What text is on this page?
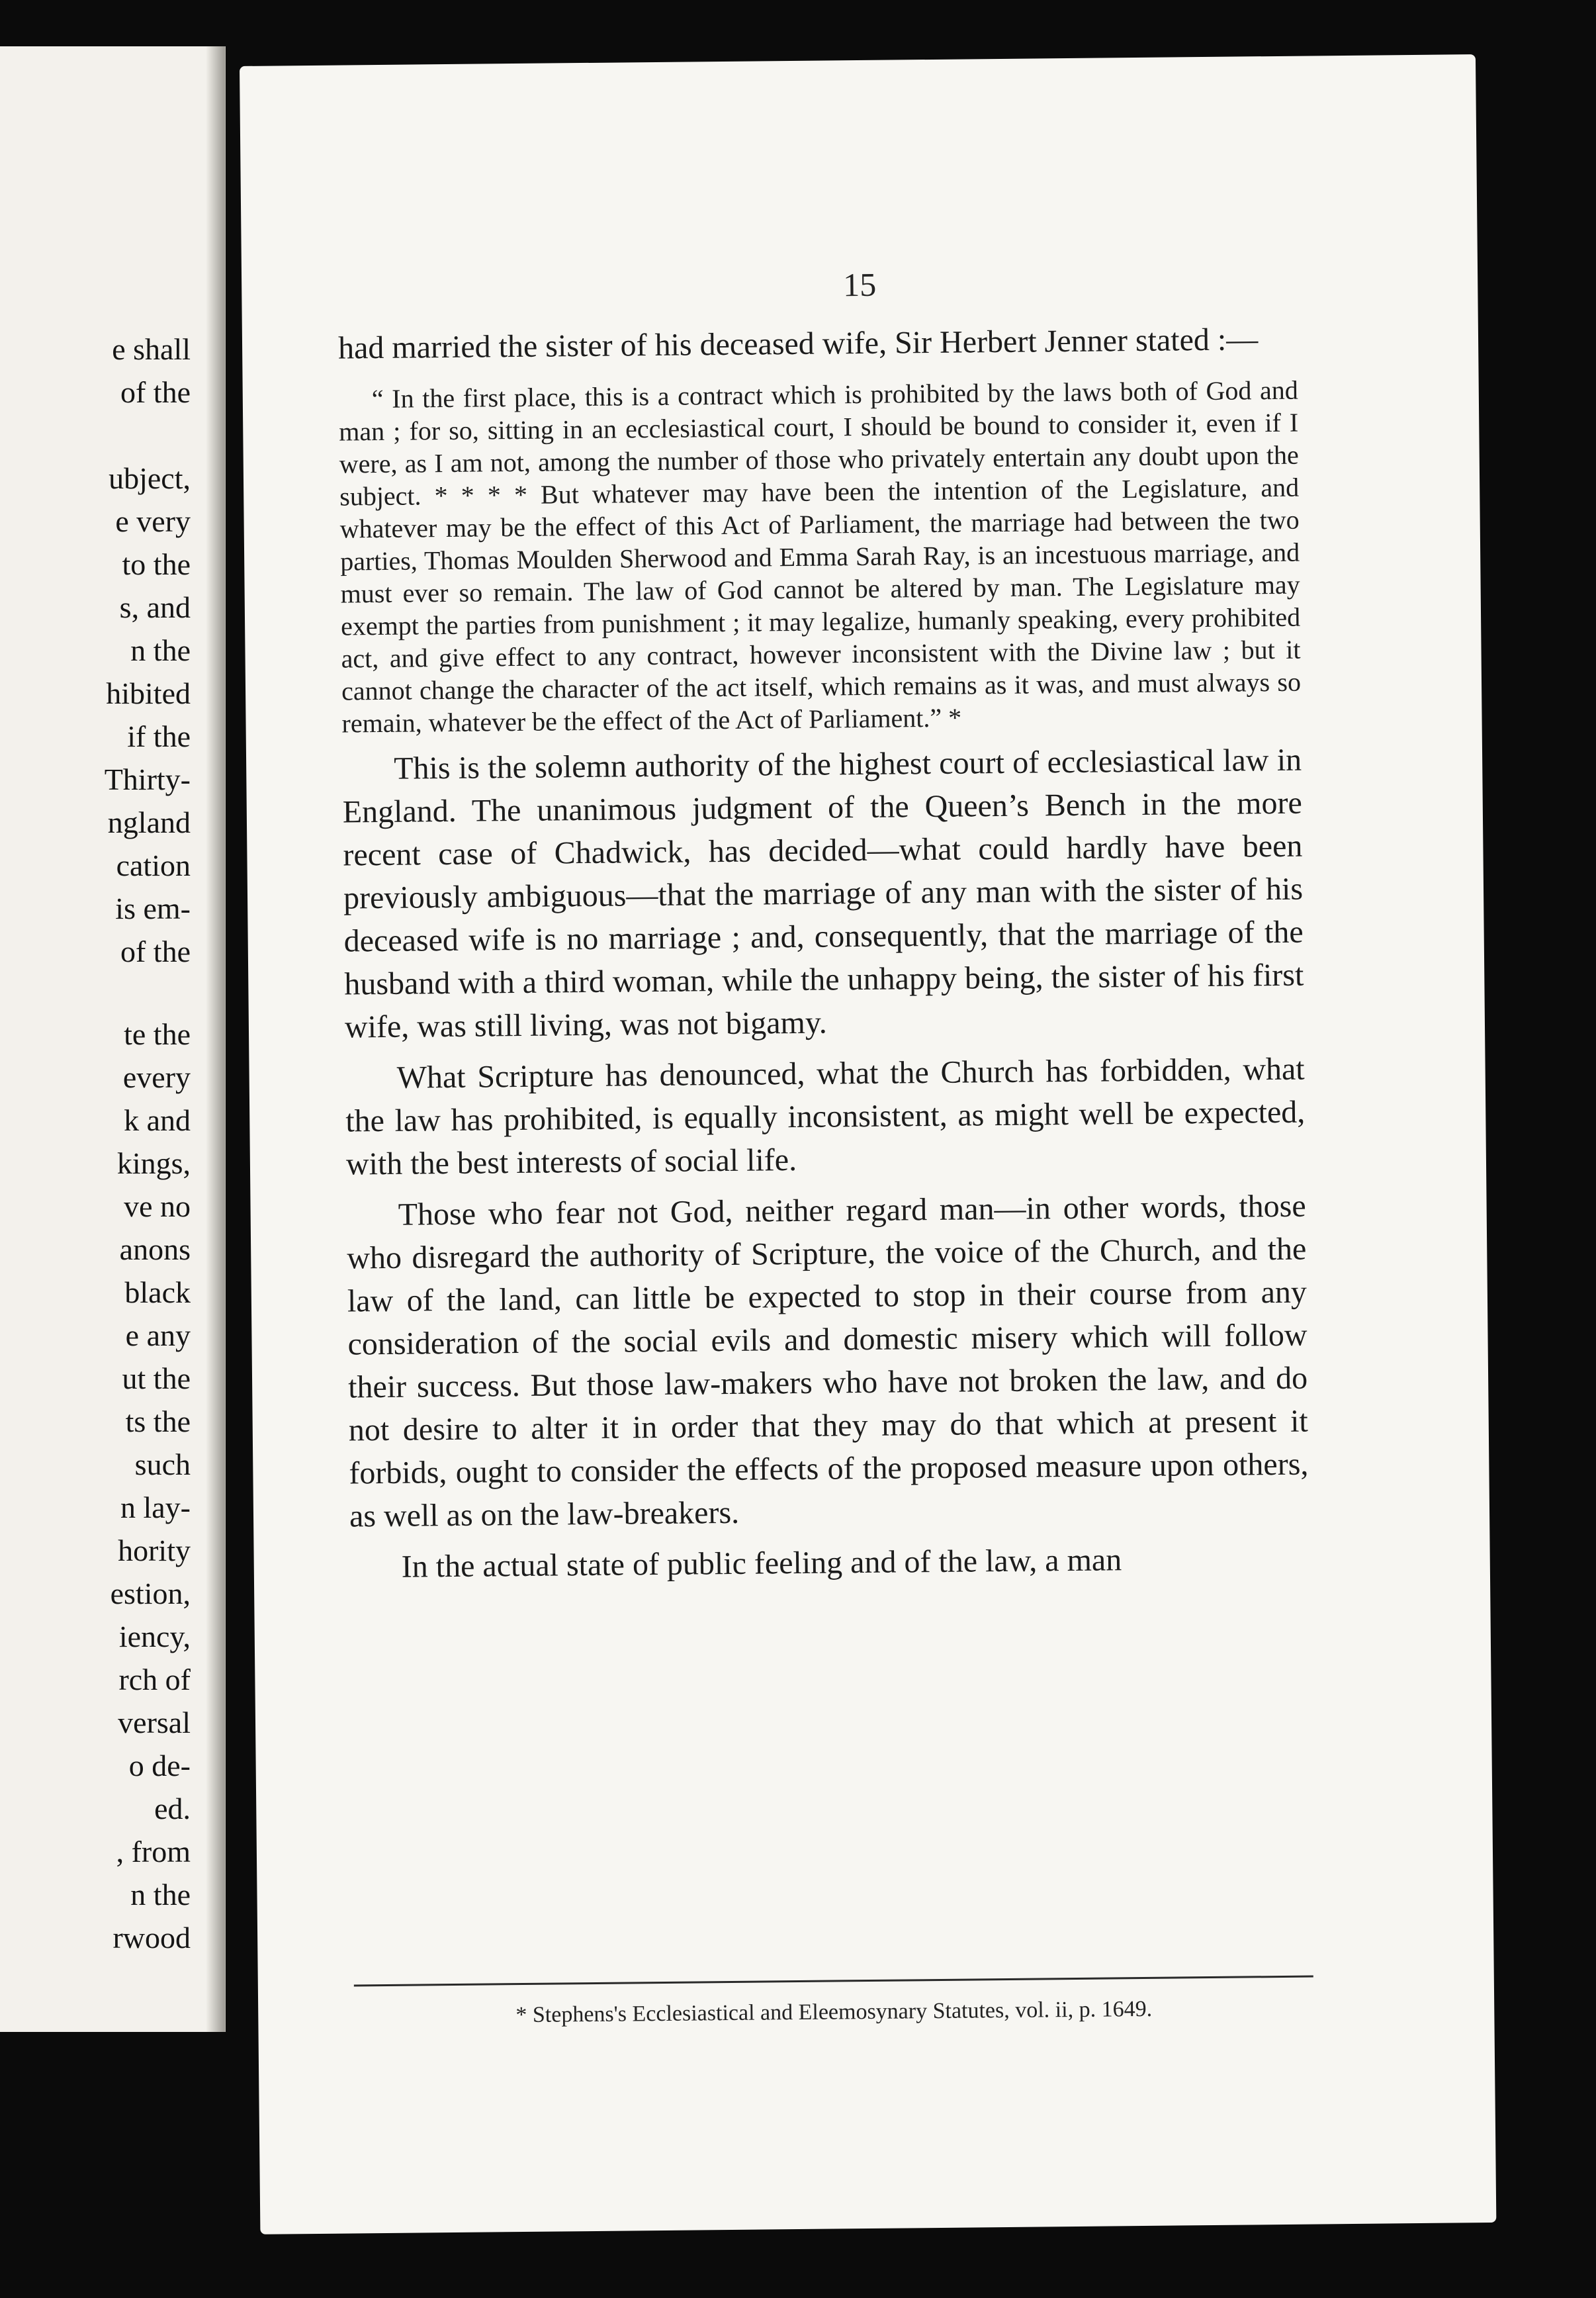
e shall
of the
ubject,
e very
to the
s, and
n the
hibited
if the
Thirty-
ngland
cation
is em-
of the
te the
every
k and
kings,
ve no
anons
black
e any
ut the
ts the
such
n lay-
hority
estion,
iency,
rch of
versal
o de-
ed.
, from
n the
rwood
15

had married the sister of his deceased wife, Sir Herbert Jenner stated :—

“ In the first place, this is a contract which is prohibited by the laws both of God and man ; for so, sitting in an ecclesiastical court, I should be bound to consider it, even if I were, as I am not, among the number of those who privately entertain any doubt upon the subject. * * * * But whatever may have been the intention of the Legislature, and whatever may be the effect of this Act of Parliament, the marriage had between the two parties, Thomas Moulden Sherwood and Emma Sarah Ray, is an incestuous marriage, and must ever so remain. The law of God cannot be altered by man. The Legislature may exempt the parties from punishment ; it may legalize, humanly speaking, every prohibited act, and give effect to any contract, however inconsistent with the Divine law ; but it cannot change the character of the act itself, which remains as it was, and must always so remain, whatever be the effect of the Act of Parliament.” *

This is the solemn authority of the highest court of ecclesiastical law in England. The unanimous judgment of the Queen’s Bench in the more recent case of Chadwick, has decided—what could hardly have been previously ambiguous—that the marriage of any man with the sister of his deceased wife is no marriage ; and, consequently, that the marriage of the husband with a third woman, while the unhappy being, the sister of his first wife, was still living, was not bigamy.

What Scripture has denounced, what the Church has forbidden, what the law has prohibited, is equally inconsistent, as might well be expected, with the best interests of social life.

Those who fear not God, neither regard man—in other words, those who disregard the authority of Scripture, the voice of the Church, and the law of the land, can little be expected to stop in their course from any consideration of the social evils and domestic misery which will follow their success. But those law-makers who have not broken the law, and do not desire to alter it in order that they may do that which at present it forbids, ought to consider the effects of the proposed measure upon others, as well as on the law-breakers.

In the actual state of public feeling and of the law, a man

* Stephens's Ecclesiastical and Eleemosynary Statutes, vol. ii, p. 1649.
